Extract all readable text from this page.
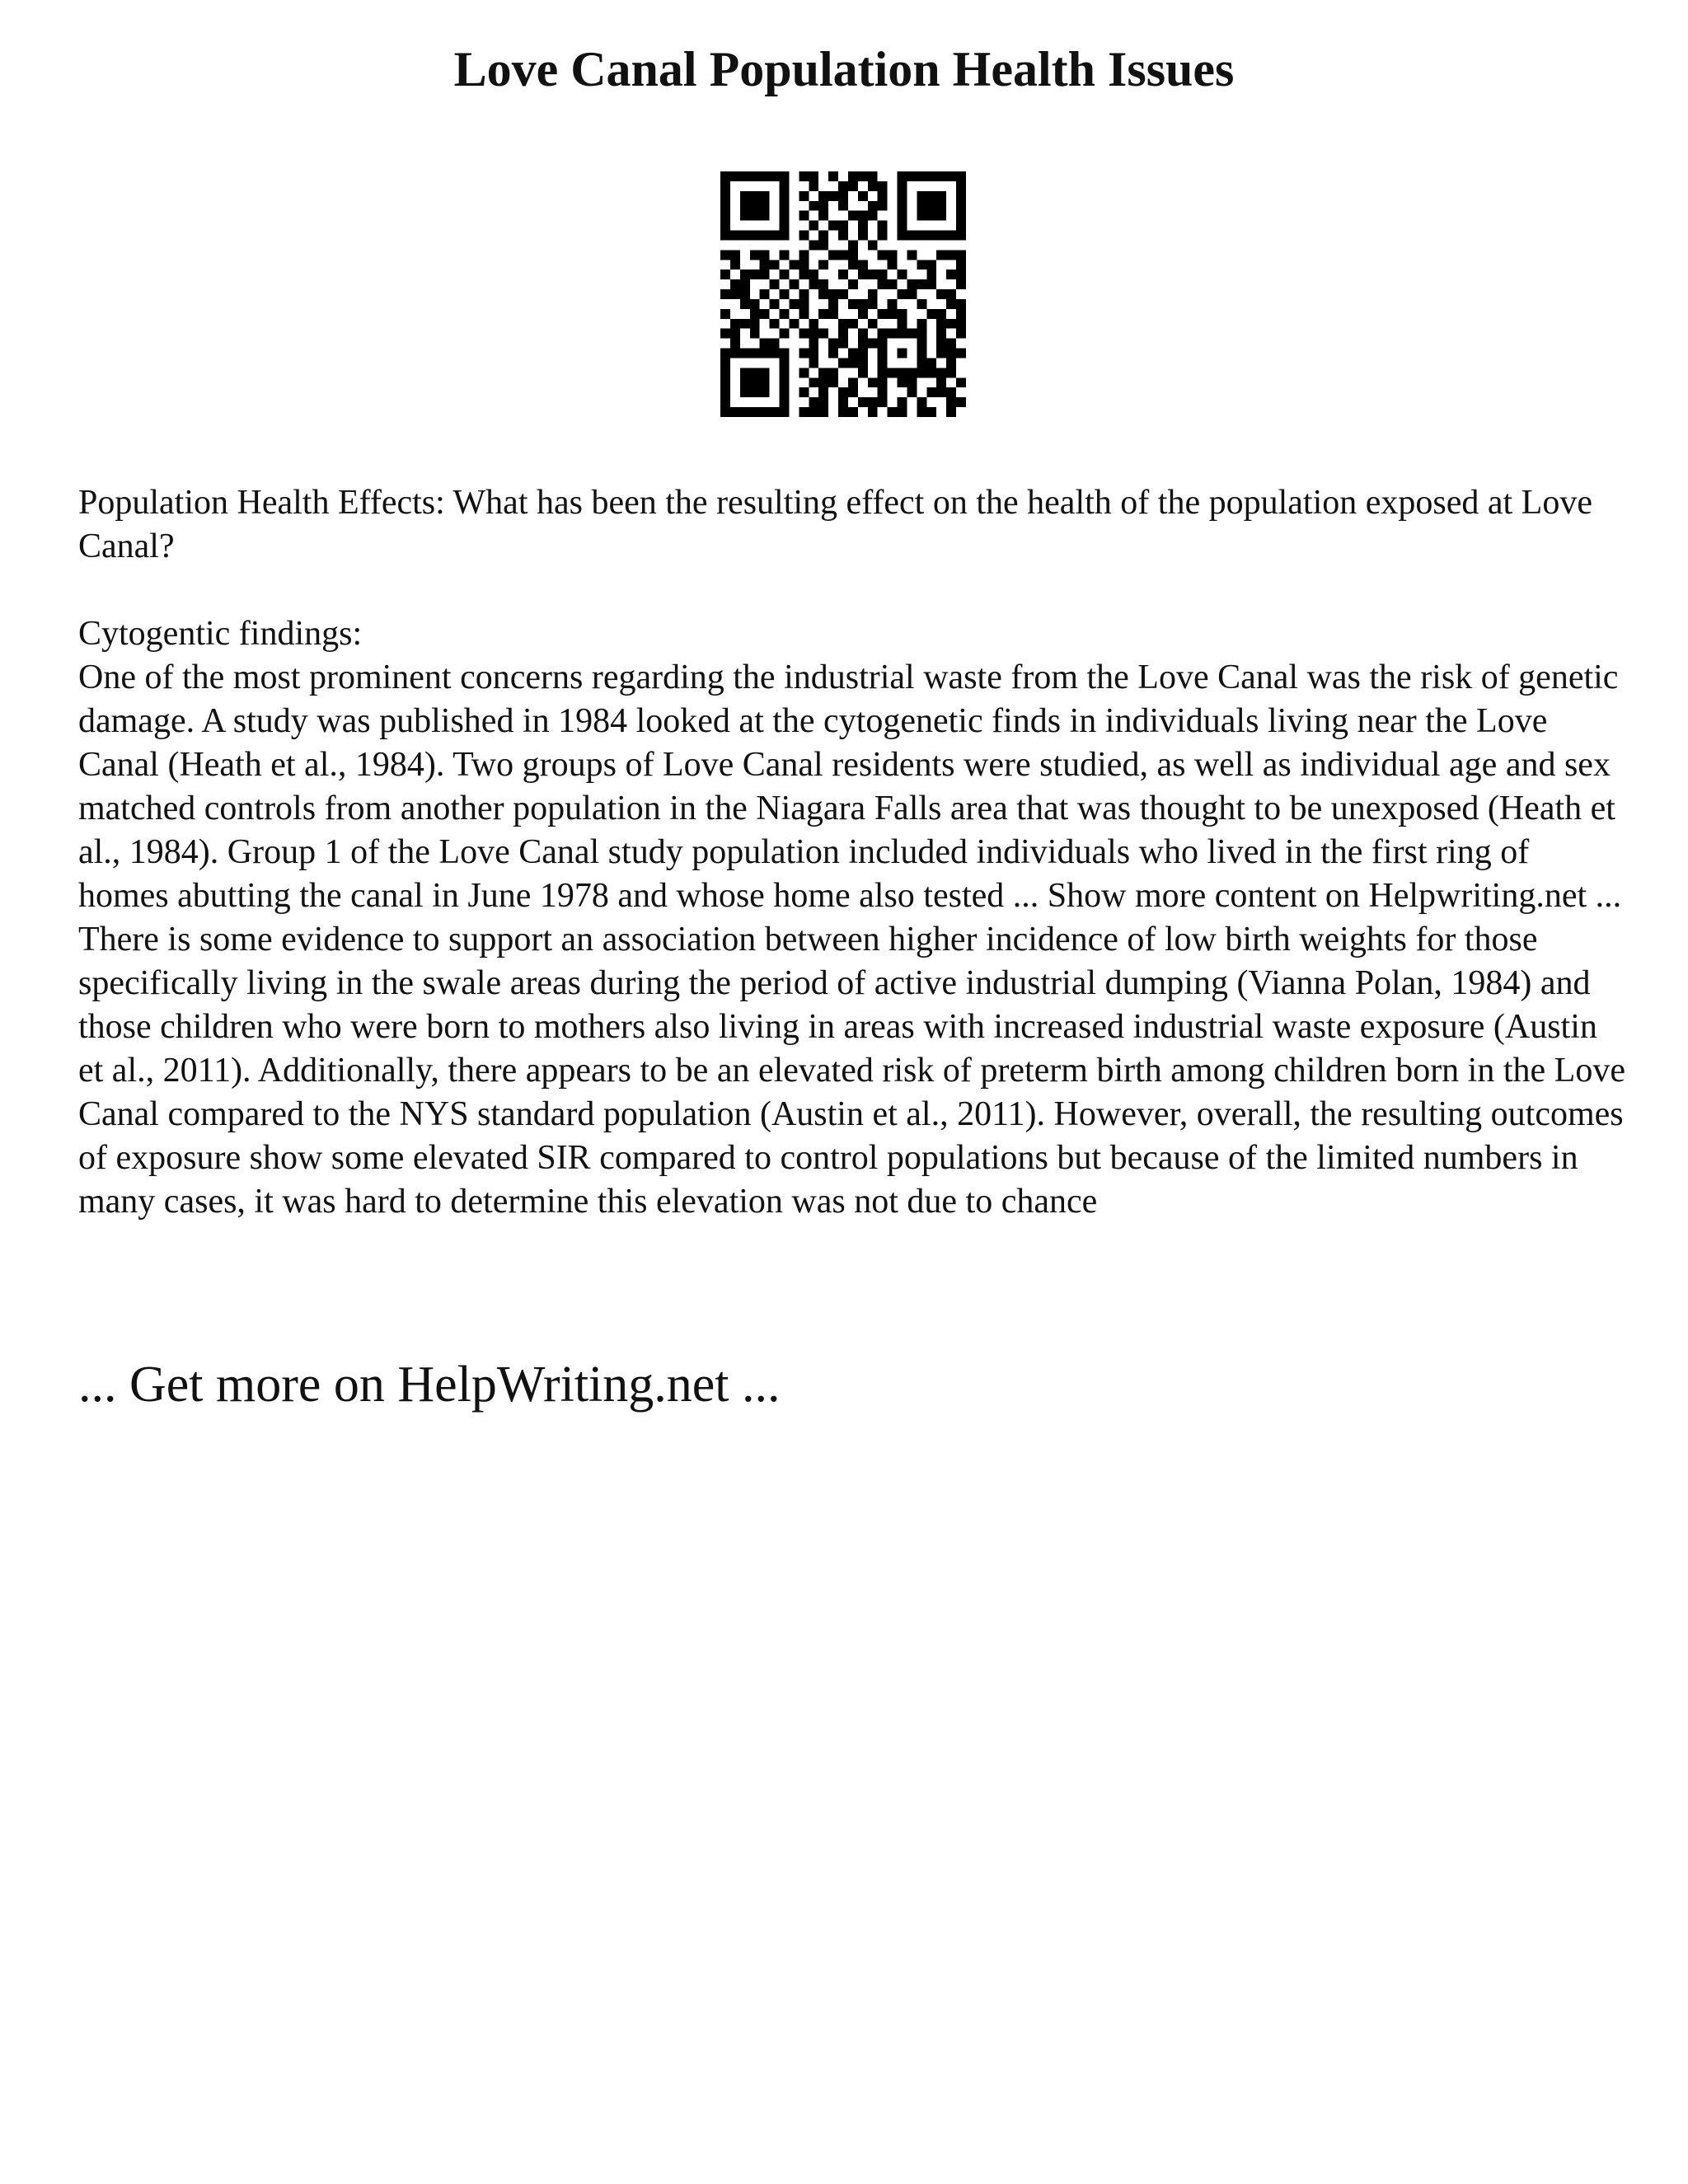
Love Canal Population Health Issues

Population Health Effects: What has been the resulting effect on the health of the population exposed at Love Canal?

Cytogentic findings:

One of the most prominent concerns regarding the industrial waste from the Love Canal was the risk of genetic damage. A study was published in 1984 looked at the cytogenetic finds in individuals living near the Love Canal (Heath et al., 1984). Two groups of Love Canal residents were studied, as well as individual age and sex matched controls from another population in the Niagara Falls area that was thought to be unexposed (Heath et al., 1984). Group 1 of the Love Canal study population included individuals who lived in the first ring of homes abutting the canal in June 1978 and whose home also tested ... Show more content on Helpwriting.net ...

There is some evidence to support an association between higher incidence of low birth weights for those specifically living in the swale areas during the period of active industrial dumping (Vianna Polan, 1984) and those children who were born to mothers also living in areas with increased industrial waste exposure (Austin et al., 2011). Additionally, there appears to be an elevated risk of preterm birth among children born in the Love Canal compared to the NYS standard population (Austin et al., 2011). However, overall, the resulting outcomes of exposure show some elevated SIR compared to control populations but because of the limited numbers in many cases, it was hard to determine this elevation was not due to chance

... Get more on HelpWriting.net ...
